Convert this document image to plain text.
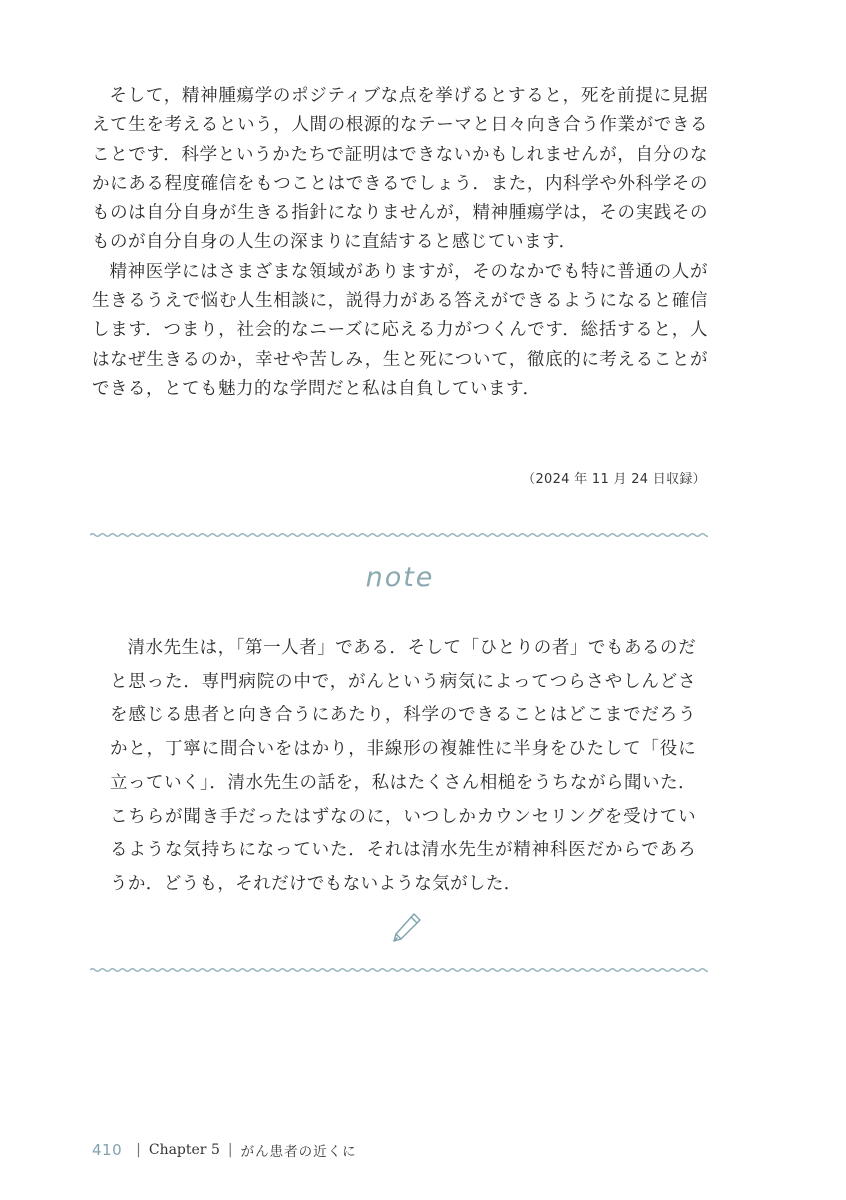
そして，精神腫瘍学のポジティブな点を挙げるとすると，死を前提に見据えて生を考えるという，人間の根源的なテーマと日々向き合う作業ができることです．科学というかたちで証明はできないかもしれませんが，自分のなかにある程度確信をもつことはできるでしょう．また，内科学や外科学そのものは自分自身が生きる指針になりませんが，精神腫瘍学は，その実践そのものが自分自身の人生の深まりに直結すると感じています．

精神医学にはさまざまな領域がありますが，そのなかでも特に普通の人が生きるうえで悩む人生相談に，説得力がある答えができるようになると確信します．つまり，社会的なニーズに応える力がつくんです．総括すると，人はなぜ生きるのか，幸せや苦しみ，生と死について，徹底的に考えることができる，とても魅力的な学問だと私は自負しています．

（2024 年 11 月 24 日収録）
note

清水先生は，「第一人者」である．そして「ひとりの者」でもあるのだと思った．専門病院の中で，がんという病気によってつらさやしんどさを感じる患者と向き合うにあたり，科学のできることはどこまでだろうかと，丁寧に間合いをはかり，非線形の複雑性に半身をひたして「役に立っていく」．清水先生の話を，私はたくさん相槌をうちながら聞いた．こちらが聞き手だったはずなのに，いつしかカウンセリングを受けているような気持ちになっていた．それは清水先生が精神科医だからであろうか．どうも，それだけでもないような気がした．

410 | Chapter 5 | がん患者の近くに
